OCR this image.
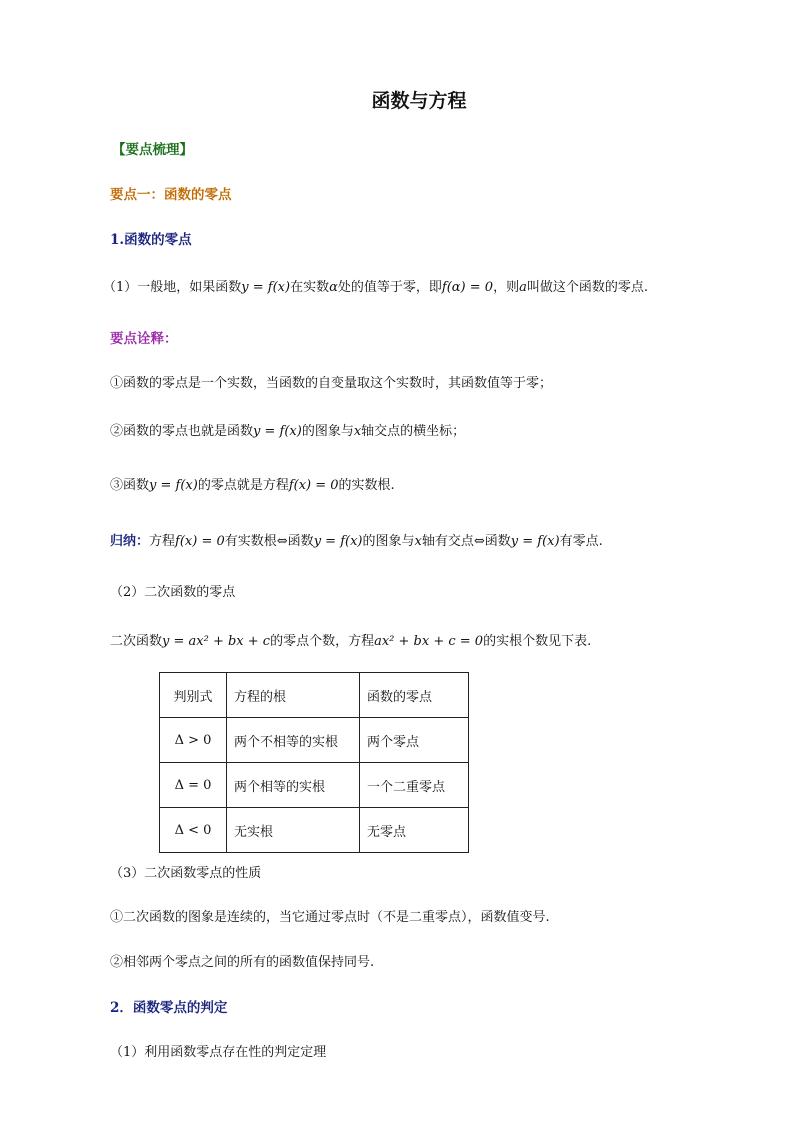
函数与方程
【要点梳理】
要点一：函数的零点
1.函数的零点
（1）一般地，如果函数y = f(x)在实数α处的值等于零，即f(α) = 0，则a叫做这个函数的零点.
要点诠释：
①函数的零点是一个实数，当函数的自变量取这个实数时，其函数值等于零；
②函数的零点也就是函数y = f(x)的图象与x轴交点的横坐标；
③函数y = f(x)的零点就是方程f(x) = 0的实数根.
归纳：方程f(x) = 0有实数根⇔函数y = f(x)的图象与x轴有交点⇔函数y = f(x)有零点.
（2）二次函数的零点
二次函数y = ax² + bx + c的零点个数，方程ax² + bx + c = 0的实根个数见下表.
判别式	方程的根	函数的零点
Δ > 0	两个不相等的实根	两个零点
Δ = 0	两个相等的实根	一个二重零点
Δ < 0	无实根	无零点
（3）二次函数零点的性质
①二次函数的图象是连续的，当它通过零点时（不是二重零点），函数值变号.
②相邻两个零点之间的所有的函数值保持同号.
2．函数零点的判定
（1）利用函数零点存在性的判定定理
